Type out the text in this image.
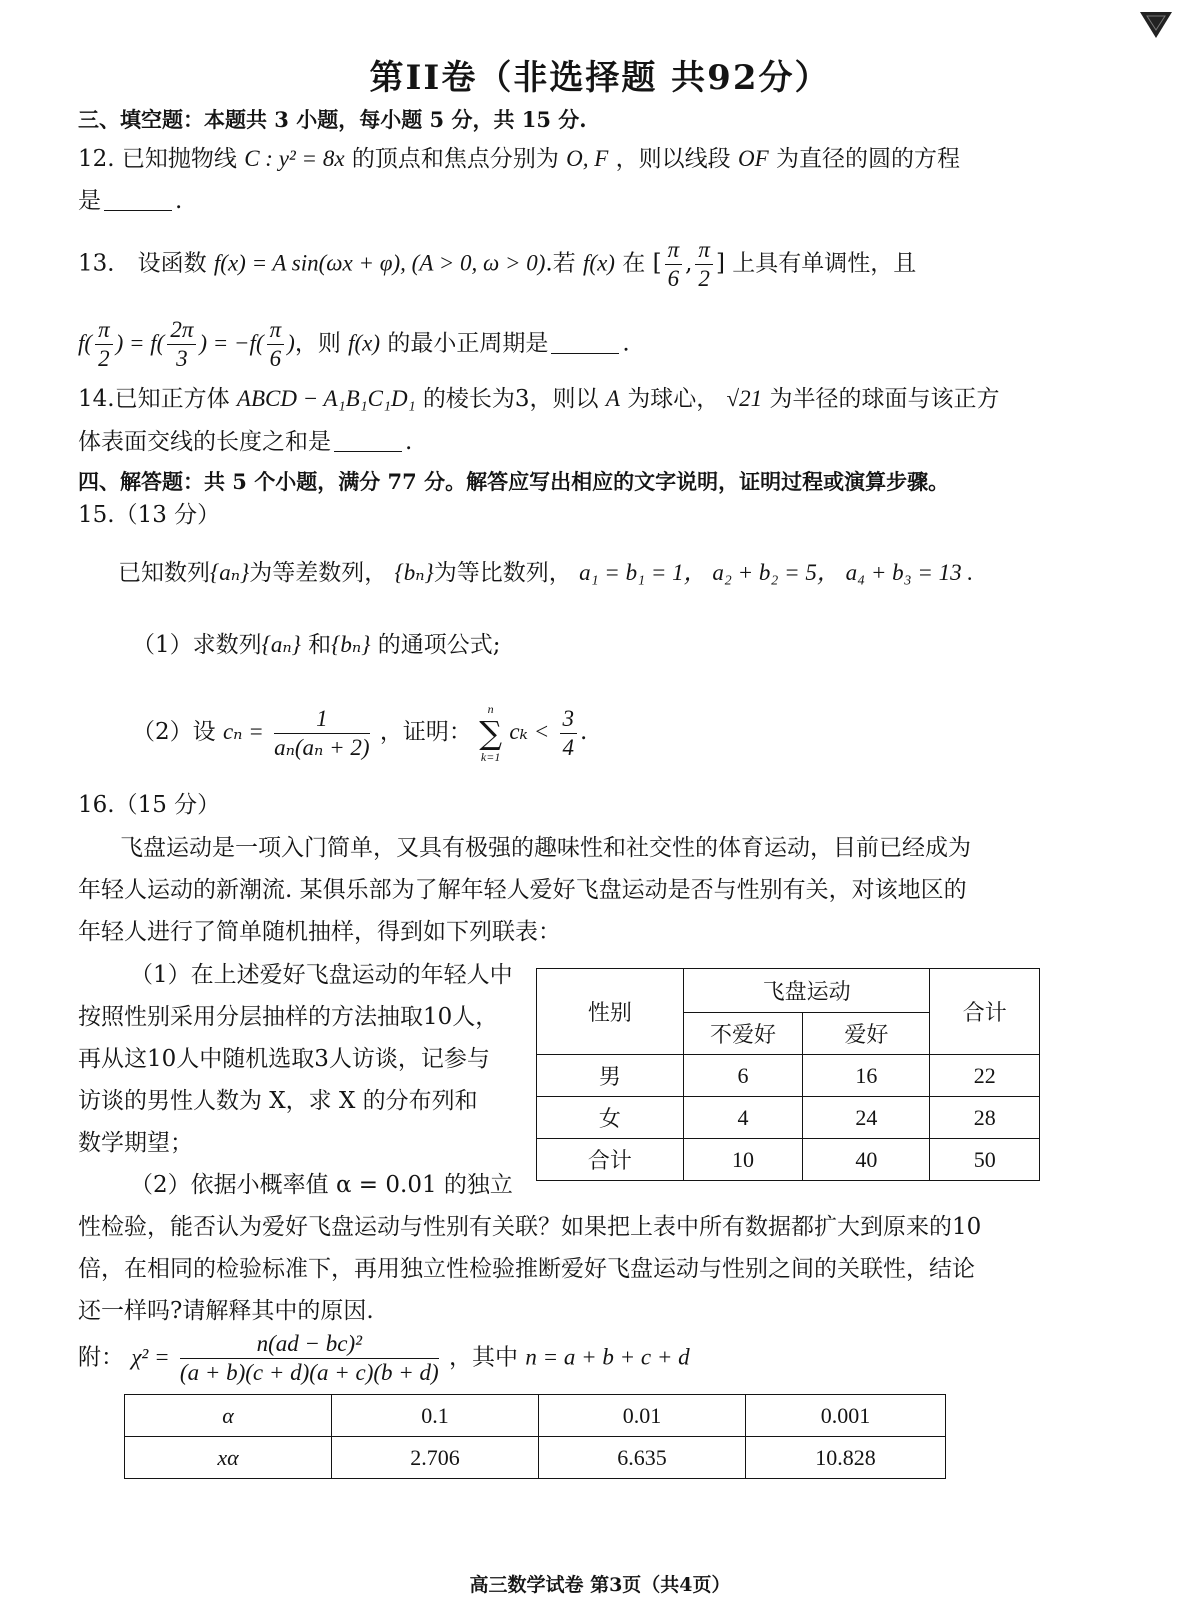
第II卷（非选择题 共92分）
三、填空题：本题共 3 小题，每小题 5 分，共 15 分.
12. 已知抛物线 C : y² = 8x 的顶点和焦点分别为 O, F ，则以线段 OF 为直径的圆的方程
是	.
13． 设函数 f(x) = A sin(ωx + φ), (A > 0, ω > 0).若 f(x) 在 [ $\frac{\pi}{6}$ , $\frac{\pi}{2}$ ] 上具有单调性，且
$f( \frac{\pi}{2}$ ) = $f( \frac{2\pi}{3}$ ) = $-f( \frac{\pi}{6}$ )，则 f(x) 的最小正周期是	.
14.已知正方体 ABCD − A₁B₁C₁D₁ 的棱长为3，则以 A 为球心， √21 为半径的球面与该正方
体表面交线的长度之和是	.
四、解答题：共 5 个小题，满分 77 分。解答应写出相应的文字说明，证明过程或演算步骤。
15.（13 分）
已知数列{aₙ}为等差数列， {bₙ}为等比数列， a₁ = b₁ = 1， a₂ + b₂ = 5， a₄ + b₃ = 13 .
（1）求数列{aₙ} 和{bₙ} 的通项公式;
（2）设 $c_n = \frac{1}{\text{aₙ(aₙ + 2)}}$ ，证明：
n
∑
k=1
$c_k < \frac{3}{4}$ .
16.（15 分）
飞盘运动是一项入门简单，又具有极强的趣味性和社交性的体育运动，目前已经成为
年轻人运动的新潮流. 某俱乐部为了解年轻人爱好飞盘运动是否与性别有关，对该地区的
年轻人进行了简单随机抽样，得到如下列联表：
（1）在上述爱好飞盘运动的年轻人中
按照性别采用分层抽样的方法抽取10人，
再从这10人中随机选取3人访谈，记参与
访谈的男性人数为 X，求 X 的分布列和
数学期望；
（2）依据小概率值 α = 0.01 的独立
性检验，能否认为爱好飞盘运动与性别有关联？如果把上表中所有数据都扩大到原来的10
倍，在相同的检验标准下，再用独立性检验推断爱好飞盘运动与性别之间的关联性，结论
还一样吗?请解释其中的原因.
性别	飞盘运动		合计
	不爱好	爱好	
男	6	16	22
女	4	24	28
合计	10	40	50
附： $\chi^2 = \frac{\text{n(ad − bc)²}}{(a + b)(c + d)(a + c)(b + d)}$ ，其中 n = a + b + c + d
α	0.1	0.01	0.001
xα	2.706	6.635	10.828
高三数学试卷 第3页（共4页）
